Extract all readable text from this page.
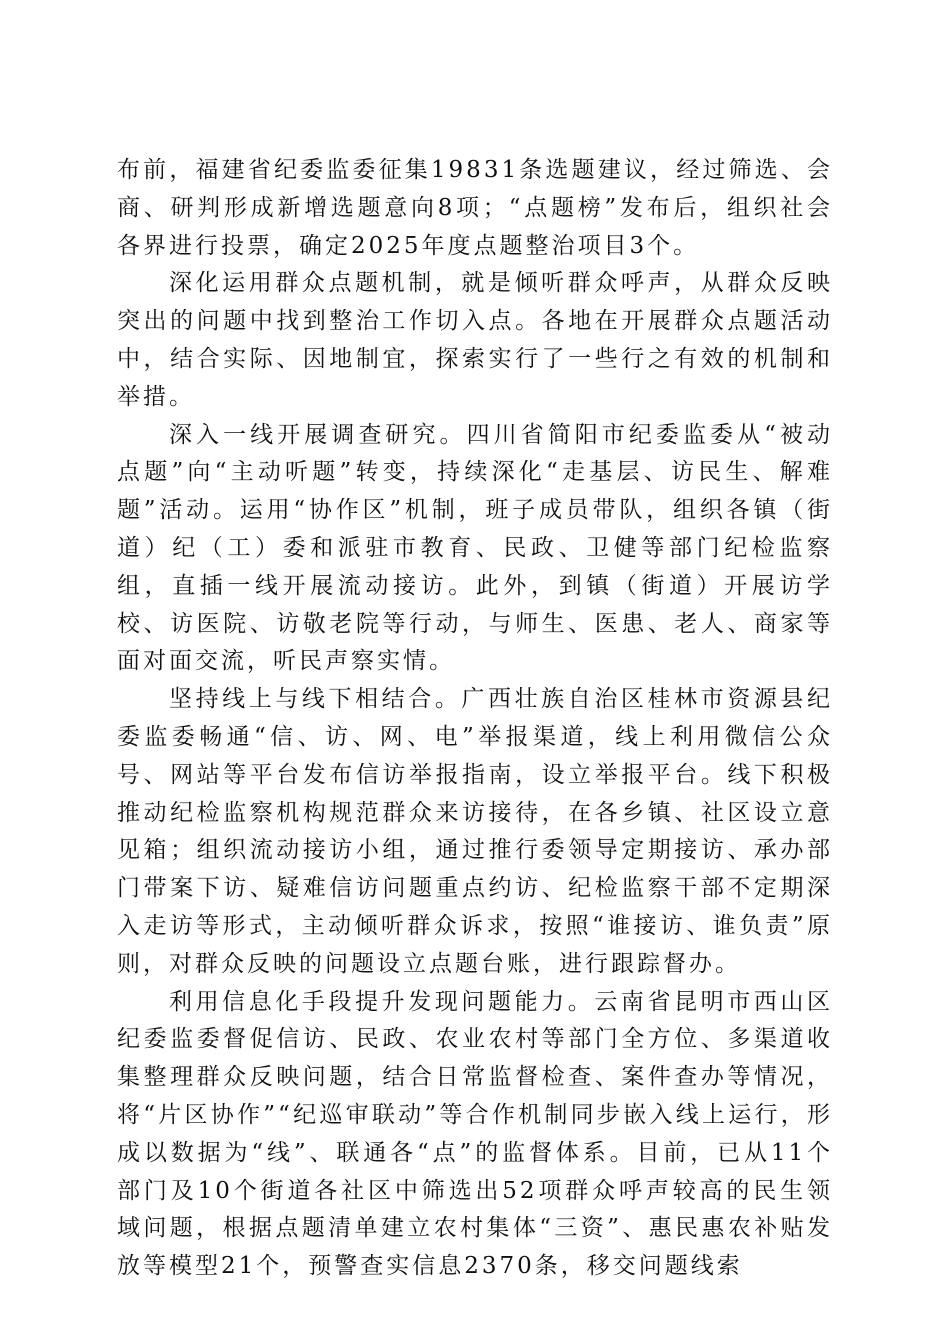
布前，福建省纪委监委征集19831条选题建议，经过筛选、会商、研判形成新增选题意向8项；“点题榜”发布后，组织社会各界进行投票，确定2025年度点题整治项目3个。

深化运用群众点题机制，就是倾听群众呼声，从群众反映突出的问题中找到整治工作切入点。各地在开展群众点题活动中，结合实际、因地制宜，探索实行了一些行之有效的机制和举措。

深入一线开展调查研究。四川省简阳市纪委监委从“被动点题”向“主动听题”转变，持续深化“走基层、访民生、解难题”活动。运用“协作区”机制，班子成员带队，组织各镇（街道）纪（工）委和派驻市教育、民政、卫健等部门纪检监察组，直插一线开展流动接访。此外，到镇（街道）开展访学校、访医院、访敬老院等行动，与师生、医患、老人、商家等面对面交流，听民声察实情。

坚持线上与线下相结合。广西壮族自治区桂林市资源县纪委监委畅通“信、访、网、电”举报渠道，线上利用微信公众号、网站等平台发布信访举报指南，设立举报平台。线下积极推动纪检监察机构规范群众来访接待，在各乡镇、社区设立意见箱；组织流动接访小组，通过推行委领导定期接访、承办部门带案下访、疑难信访问题重点约访、纪检监察干部不定期深入走访等形式，主动倾听群众诉求，按照“谁接访、谁负责”原则，对群众反映的问题设立点题台账，进行跟踪督办。

利用信息化手段提升发现问题能力。云南省昆明市西山区纪委监委督促信访、民政、农业农村等部门全方位、多渠道收集整理群众反映问题，结合日常监督检查、案件查办等情况，将“片区协作”“纪巡审联动”等合作机制同步嵌入线上运行，形成以数据为“线”、联通各“点”的监督体系。目前，已从11个部门及10个街道各社区中筛选出52项群众呼声较高的民生领域问题，根据点题清单建立农村集体“三资”、惠民惠农补贴发放等模型21个，预警查实信息2370条，移交问题线索
